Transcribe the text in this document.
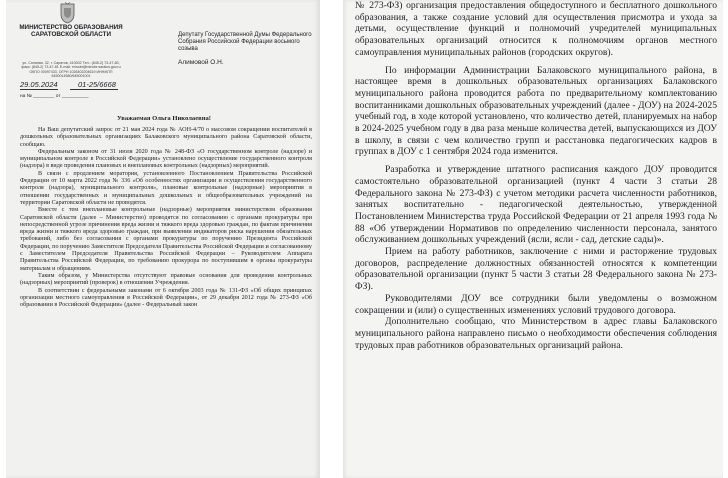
МИНИСТЕРСТВО ОБРАЗОВАНИЯ САРАТОВСКОЙ ОБЛАСТИ
ул. Соляная, 32, г. Саратов, 410002 Тел.: (845-2) 73-47-80, факс: (845-2) 73-47-81 E-mail: minobr@minobr.saratov.gov.ru ОКПО 00097433, ОГРН 1026402204619 ИНН/КПП 6450014580/645001001
29.05.2024	01-25/6668
на № ________ от __________
Депутату Государственной Думы Федерального Собрания Российской Федерации восьмого созыва
Алимовой О.Н.
Уважаемая Ольга Николаевна!

На Ваш депутатский запрос от 21 мая 2024 года № АОН-4/70 о массовом сокращении воспитателей в дошкольных образовательных организациях Балаковского муниципального района Саратовской области, сообщаю.

Федеральным законом от 31 июля 2020 года № 248-ФЗ «О государственном контроле (надзоре) и муниципальном контроле в Российской Федерации» установлено осуществление государственного контроля (надзора) в виде проведения плановых и внеплановых контрольных (надзорных) мероприятий.

В связи с продлением моратория, установленного Постановлением Правительства Российской Федерации от 10 марта 2022 года № 336 «Об особенностях организации и осуществления государственного контроля (надзора), муниципального контроля», плановые контрольные (надзорные) мероприятия в отношении государственных и муниципальных дошкольных и общеобразовательных учреждений на территории Саратовской области не проводятся.

Вместе с тем внеплановые контрольные (надзорные) мероприятия министерством образования Саратовской области (далее – Министерство) проводятся по согласованию с органами прокуратуры при непосредственной угрозе причинения вреда жизни и тяжкого вреда здоровью граждан, по фактам причинения вреда жизни и тяжкого вреда здоровью граждан, при выявлении индикаторов риска нарушения обязательных требований, либо без согласования с органами прокуратуры по поручению Президента Российской Федерации, по поручению Заместителя Председателя Правительства Российской Федерации и согласованному с Заместителем Председателя Правительства Российской Федерации – Руководителем Аппарата Правительства Российской Федерации, по требованию прокурора по поступившим в органы прокуратуры материалам и обращениям.

Таким образом, у Министерства отсутствуют правовые основания для проведения контрольных (надзорных) мероприятий (проверок) в отношении Учреждения.

В соответствии с федеральными законами от 6 октября 2003 года № 131-ФЗ «Об общих принципах организации местного самоуправления в Российской Федерации», от 29 декабря 2012 года № 273-ФЗ «Об образовании в Российской Федерации» (далее - Федеральный закон

№ 273-ФЗ) организация предоставления общедоступного и бесплатного дошкольного образования, а также создание условий для осуществления присмотра и ухода за детьми, осуществление функций и полномочий учредителей муниципальных образовательных организаций относится к полномочиям органов местного самоуправления муниципальных районов (городских округов).

По информации Администрации Балаковского муниципального района, в настоящее время в дошкольных образовательных организациях Балаковского муниципального района проводится работа по предварительному комплектованию воспитанниками дошкольных образовательных учреждений (далее - ДОУ) на 2024-2025 учебный год, в ходе которой установлено, что количество детей, планируемых на набор в 2024-2025 учебном году в два раза меньше количества детей, выпускающихся из ДОУ в школу, в связи с чем количество групп и расстановка педагогических кадров в группах в ДОУ с 1 сентября 2024 года изменится.

Разработка и утверждение штатного расписания каждого ДОУ проводится самостоятельно образовательной организацией (пункт 4 части 3 статьи 28 Федерального закона № 273-ФЗ) с учетом методики расчета численности работников, занятых воспитательно - педагогической деятельностью, утвержденной Постановлением Министерства труда Российской Федерации от 21 апреля 1993 года № 88 «Об утверждении Нормативов по определению численности персонала, занятого обслуживанием дошкольных учреждений (ясли, ясли - сад, детские сады)».

Прием на работу работников, заключение с ними и расторжение трудовых договоров, распределение должностных обязанностей относятся к компетенции образовательной организации (пункт 5 части 3 статьи 28 Федерального закона № 273-ФЗ).

Руководителями ДОУ все сотрудники были уведомлены о возможном сокращении и (или) о существенных изменениях условий трудового договора.

Дополнительно сообщаю, что Министерством в адрес главы Балаковского муниципального района направлено письмо о необходимости обеспечения соблюдения трудовых прав работников образовательных организаций района.
